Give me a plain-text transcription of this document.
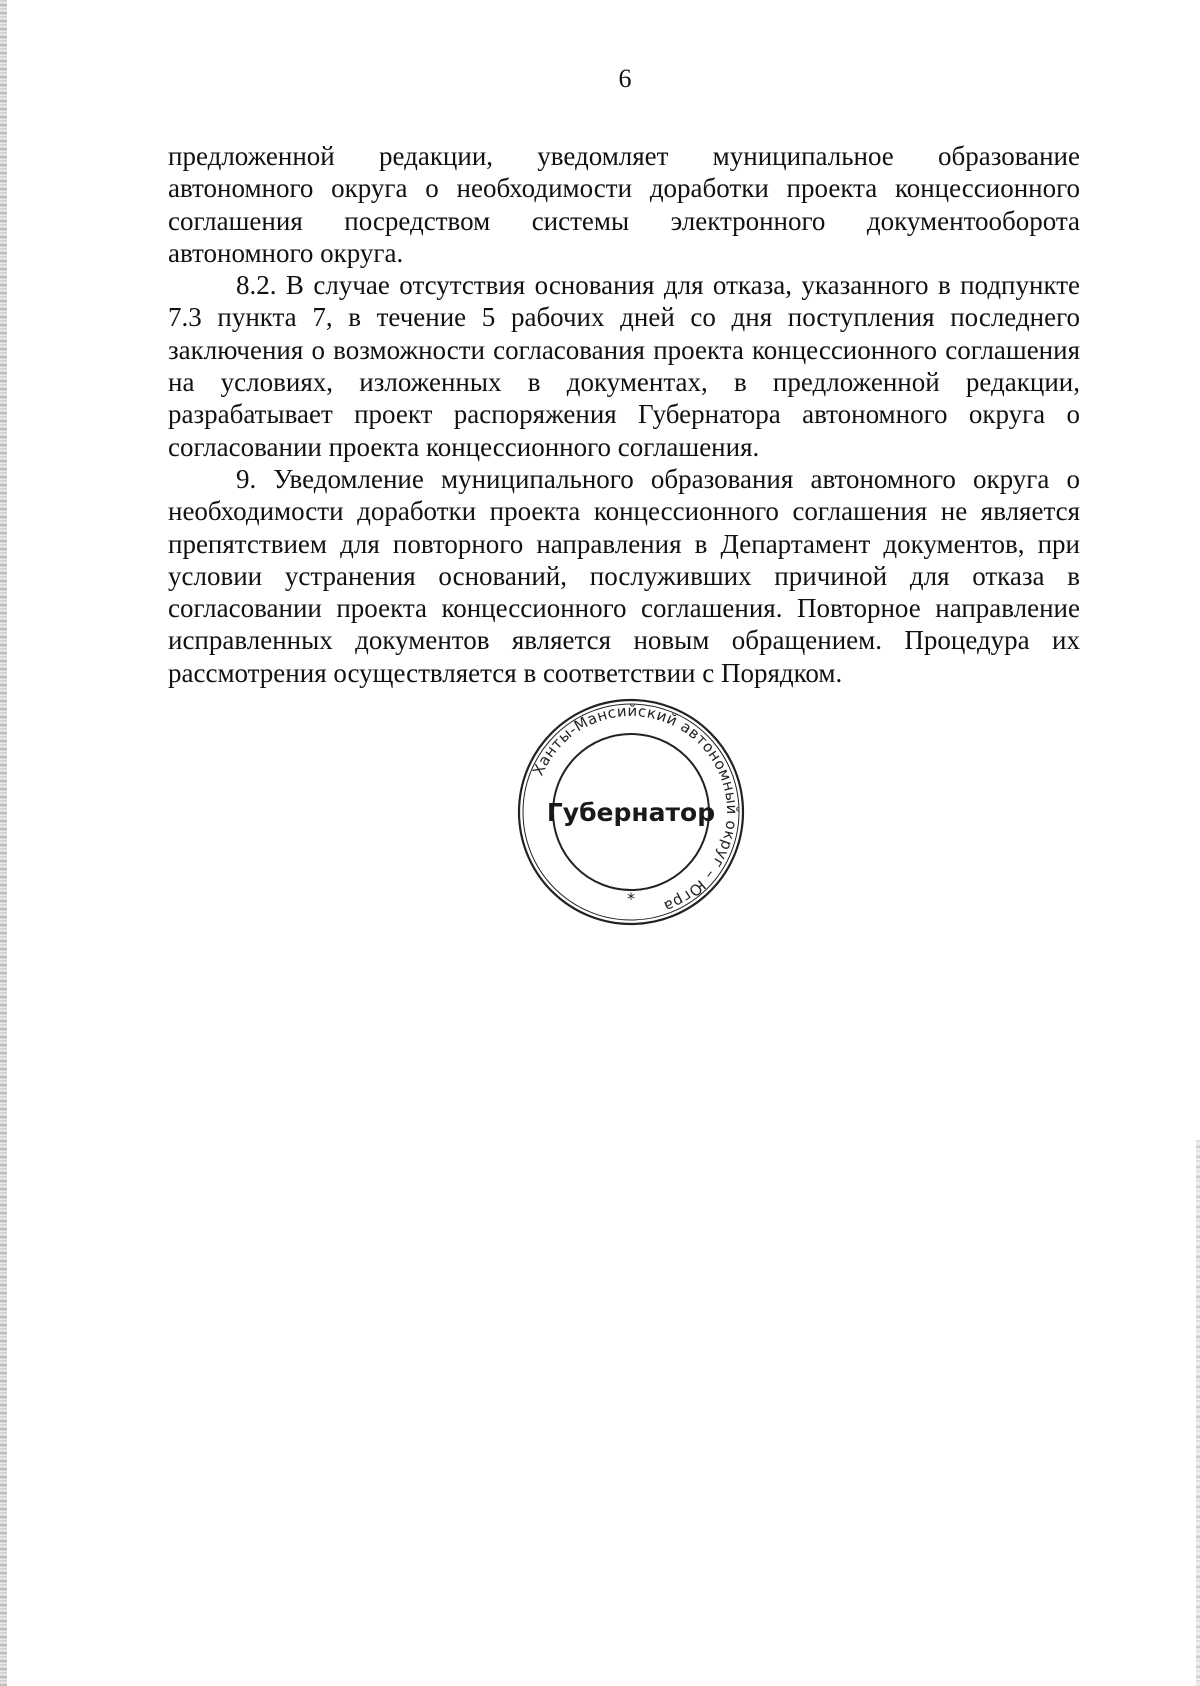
6

предложенной редакции, уведомляет муниципальное образование автономного округа о необходимости доработки проекта концессионного соглашения посредством системы электронного документооборота автономного округа.

8.2. В случае отсутствия основания для отказа, указанного в подпункте 7.3 пункта 7, в течение 5 рабочих дней со дня поступления последнего заключения о возможности согласования проекта концессионного соглашения на условиях, изложенных в документах, в предложенной редакции, разрабатывает проект распоряжения Губернатора автономного округа о согласовании проекта концессионного соглашения.

9. Уведомление муниципального образования автономного округа о необходимости доработки проекта концессионного соглашения не является препятствием для повторного направления в Департамент документов, при условии устранения оснований, послуживших причиной для отказа в согласовании проекта концессионного соглашения. Повторное направление исправленных документов является новым обращением. Процедура их рассмотрения осуществляется в соответствии с Порядком.

Ханты-Мансийский автономный округ – Югра
Губернатор
*
